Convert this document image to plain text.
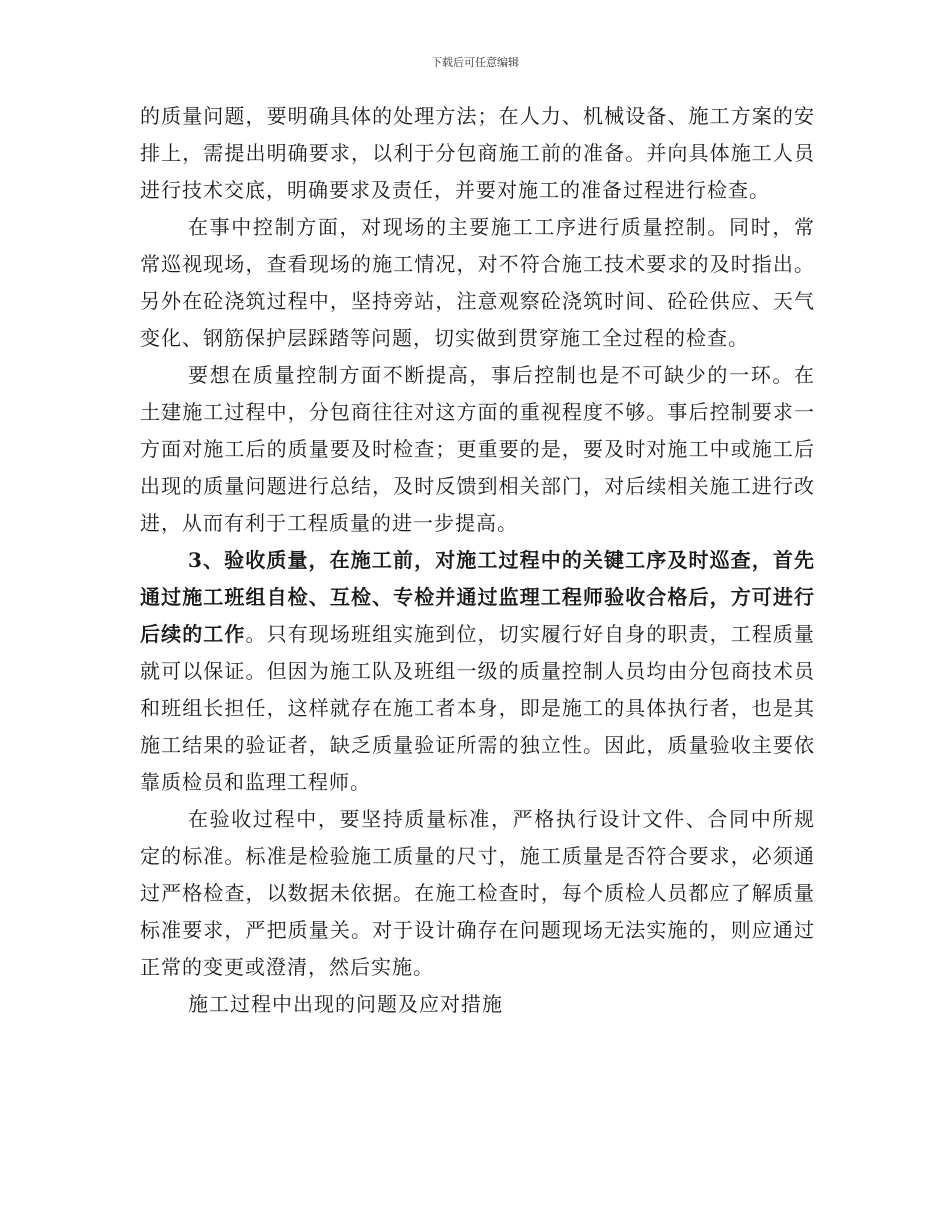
下载后可任意编辑

的质量问题，要明确具体的处理方法；在人力、机械设备、施工方案的安排上，需提出明确要求，以利于分包商施工前的准备。并向具体施工人员进行技术交底，明确要求及责任，并要对施工的准备过程进行检查。

在事中控制方面，对现场的主要施工工序进行质量控制。同时，常常巡视现场，查看现场的施工情况，对不符合施工技术要求的及时指出。另外在砼浇筑过程中，坚持旁站，注意观察砼浇筑时间、砼砼供应、天气变化、钢筋保护层踩踏等问题，切实做到贯穿施工全过程的检查。

要想在质量控制方面不断提高，事后控制也是不可缺少的一环。在土建施工过程中，分包商往往对这方面的重视程度不够。事后控制要求一方面对施工后的质量要及时检查；更重要的是，要及时对施工中或施工后出现的质量问题进行总结，及时反馈到相关部门，对后续相关施工进行改进，从而有利于工程质量的进一步提高。

3、验收质量，在施工前，对施工过程中的关键工序及时巡查，首先通过施工班组自检、互检、专检并通过监理工程师验收合格后，方可进行后续的工作。只有现场班组实施到位，切实履行好自身的职责，工程质量就可以保证。但因为施工队及班组一级的质量控制人员均由分包商技术员和班组长担任，这样就存在施工者本身，即是施工的具体执行者，也是其施工结果的验证者，缺乏质量验证所需的独立性。因此，质量验收主要依靠质检员和监理工程师。

在验收过程中，要坚持质量标准，严格执行设计文件、合同中所规定的标准。标准是检验施工质量的尺寸，施工质量是否符合要求，必须通过严格检查，以数据未依据。在施工检查时，每个质检人员都应了解质量标准要求，严把质量关。对于设计确存在问题现场无法实施的，则应通过正常的变更或澄清，然后实施。

施工过程中出现的问题及应对措施
